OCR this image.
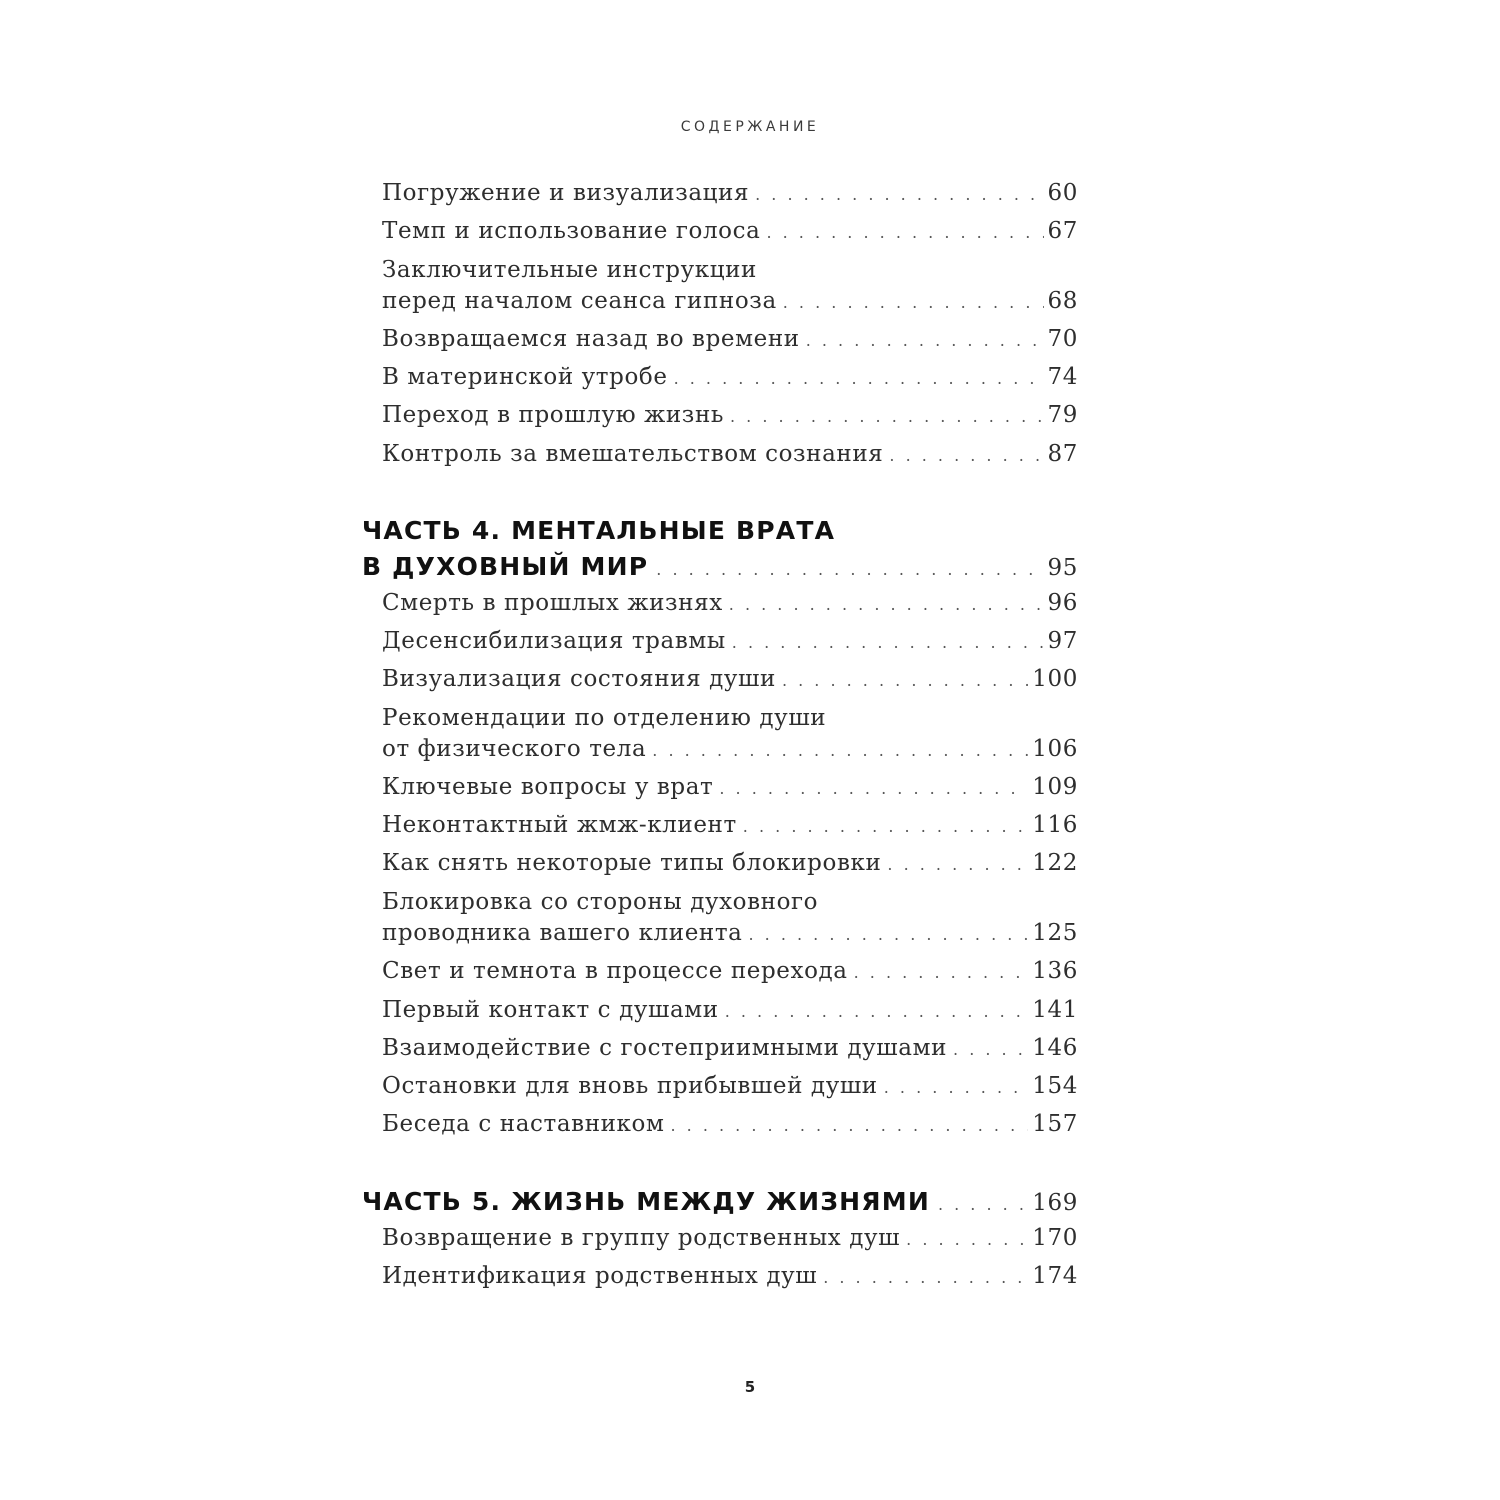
СОДЕРЖАНИЕ
Погружение и визуализация . . .	60
Темп и использование голоса . . .	67
Заключительные инструкции
перед началом сеанса гипноза . . .	68
Возвращаемся назад во времени . . .	70
В материнской утробе . . .	74
Переход в прошлую жизнь . . .	79
Контроль за вмешательством сознания . . .	87
ЧАСТЬ 4. МЕНТАЛЬНЫЕ ВРАТА
В ДУХОВНЫЙ МИР . . .	95
Смерть в прошлых жизнях . . .	96
Десенсибилизация травмы . . .	97
Визуализация состояния души . . .	100
Рекомендации по отделению души
от физического тела . . .	106
Ключевые вопросы у врат . . .	109
Неконтактный жмж-клиент . . .	116
Как снять некоторые типы блокировки . . .	122
Блокировка со стороны духовного
проводника вашего клиента . . .	125
Свет и темнота в процессе перехода . . .	136
Первый контакт с душами . . .	141
Взаимодействие с гостеприимными душами . . .	146
Остановки для вновь прибывшей души . . .	154
Беседа с наставником . . .	157
ЧАСТЬ 5. ЖИЗНЬ МЕЖДУ ЖИЗНЯМИ . . .	169
Возвращение в группу родственных душ . . .	170
Идентификация родственных душ . . .	174
5
